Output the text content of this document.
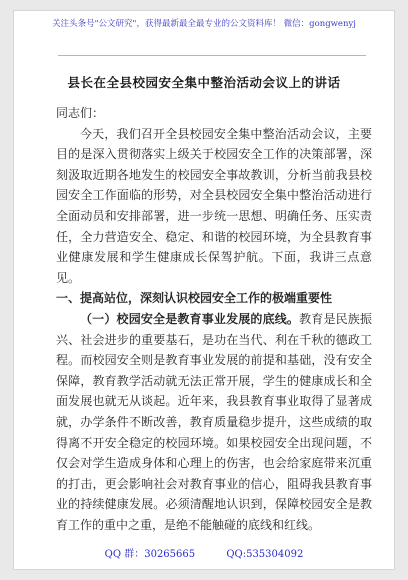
关注头条号"公文研究"，获得最新最全最专业的公文资料库！ 微信：gongwenyj
县长在全县校园安全集中整治活动会议上的讲话

同志们：

今天，我们召开全县校园安全集中整治活动会议，主要目的是深入贯彻落实上级关于校园安全工作的决策部署，深刻汲取近期各地发生的校园安全事故教训，分析当前我县校园安全工作面临的形势，对全县校园安全集中整治活动进行全面动员和安排部署，进一步统一思想、明确任务、压实责任，全力营造安全、稳定、和谐的校园环境，为全县教育事业健康发展和学生健康成长保驾护航。下面，我讲三点意见。

一、提高站位，深刻认识校园安全工作的极端重要性

（一）校园安全是教育事业发展的底线。教育是民族振兴、社会进步的重要基石，是功在当代、利在千秋的德政工程。而校园安全则是教育事业发展的前提和基础，没有安全保障，教育教学活动就无法正常开展，学生的健康成长和全面发展也就无从谈起。近年来，我县教育事业取得了显著成就，办学条件不断改善，教育质量稳步提升，这些成绩的取得离不开安全稳定的校园环境。如果校园安全出现问题，不仅会对学生造成身体和心理上的伤害，也会给家庭带来沉重的打击，更会影响社会对教育事业的信心，阻碍我县教育事业的持续健康发展。必须清醒地认识到，保障校园安全是教育工作的重中之重，是绝不能触碰的底线和红线。

QQ 群：30265665	QQ:535304092
